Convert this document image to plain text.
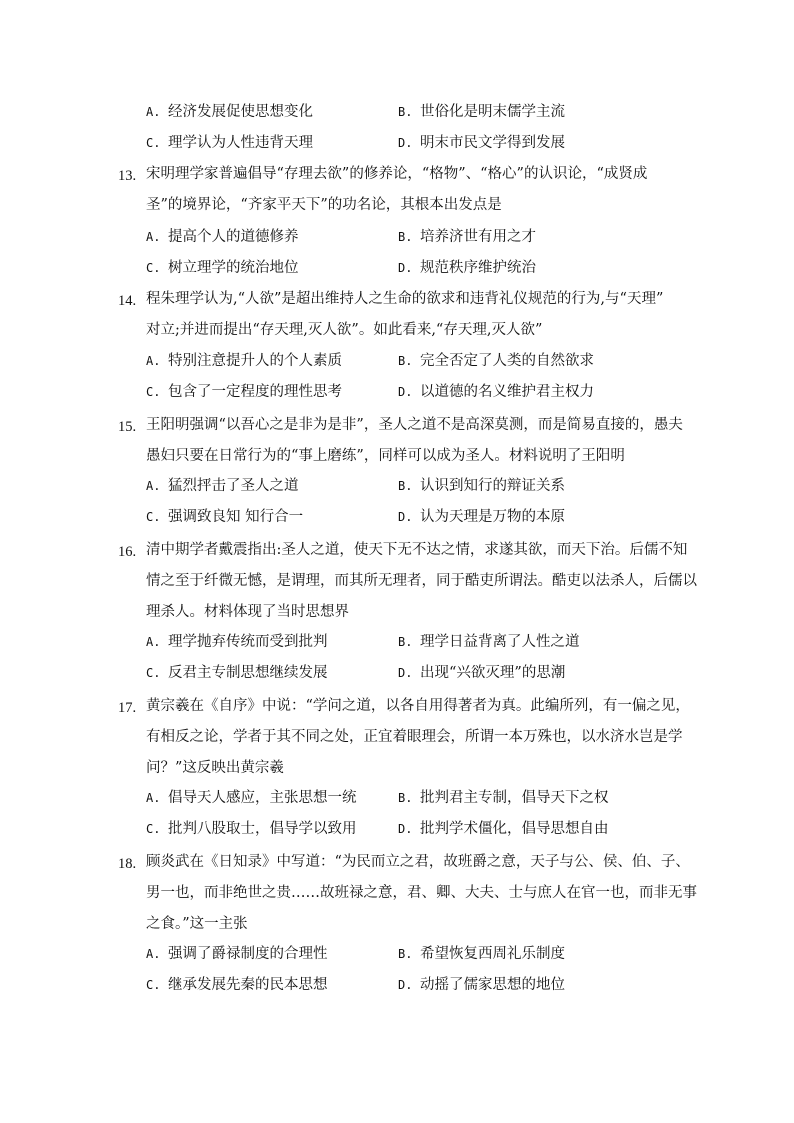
A. 经济发展促使思想变化	B. 世俗化是明末儒学主流
C. 理学认为人性违背天理	D. 明末市民文学得到发展
13. 宋明理学家普遍倡导“存理去欲”的修养论，“格物”、“格心”的认识论，“成贤成
圣”的境界论，“齐家平天下”的功名论，其根本出发点是
A. 提高个人的道德修养	B. 培养济世有用之才
C. 树立理学的统治地位	D. 规范秩序维护统治
14. 程朱理学认为,“人欲”是超出维持人之生命的欲求和违背礼仪规范的行为,与“天理”
对立;并进而提出“存天理,灭人欲”。如此看来,“存天理,灭人欲”
A. 特别注意提升人的个人素质	B. 完全否定了人类的自然欲求
C. 包含了一定程度的理性思考	D. 以道德的名义维护君主权力
15. 王阳明强调“以吾心之是非为是非”，圣人之道不是高深莫测，而是简易直接的，愚夫
愚妇只要在日常行为的“事上磨练”，同样可以成为圣人。材料说明了王阳明
A. 猛烈抨击了圣人之道	B. 认识到知行的辩证关系
C. 强调致良知 知行合一	D. 认为天理是万物的本原
16. 清中期学者戴震指出:圣人之道，使天下无不达之情，求遂其欲，而天下治。后儒不知
情之至于纤微无憾，是谓理，而其所无理者，同于酷吏所谓法。酷吏以法杀人，后儒以
理杀人。材料体现了当时思想界
A. 理学抛弃传统而受到批判	B. 理学日益背离了人性之道
C. 反君主专制思想继续发展	D. 出现“兴欲灭理”的思潮
17. 黄宗羲在《自序》中说：“学问之道，以各自用得著者为真。此编所列，有一偏之见，
有相反之论，学者于其不同之处，正宜着眼理会，所谓一本万殊也，以水济水岂是学
问？”这反映出黄宗羲
A. 倡导天人感应，主张思想一统	B. 批判君主专制，倡导天下之权
C. 批判八股取士，倡导学以致用	D. 批判学术僵化，倡导思想自由
18. 顾炎武在《日知录》中写道：“为民而立之君，故班爵之意，天子与公、侯、伯、子、
男一也，而非绝世之贵……故班禄之意，君、卿、大夫、士与庶人在官一也，而非无事
之食。”这一主张
A. 强调了爵禄制度的合理性	B. 希望恢复西周礼乐制度
C. 继承发展先秦的民本思想	D. 动摇了儒家思想的地位
